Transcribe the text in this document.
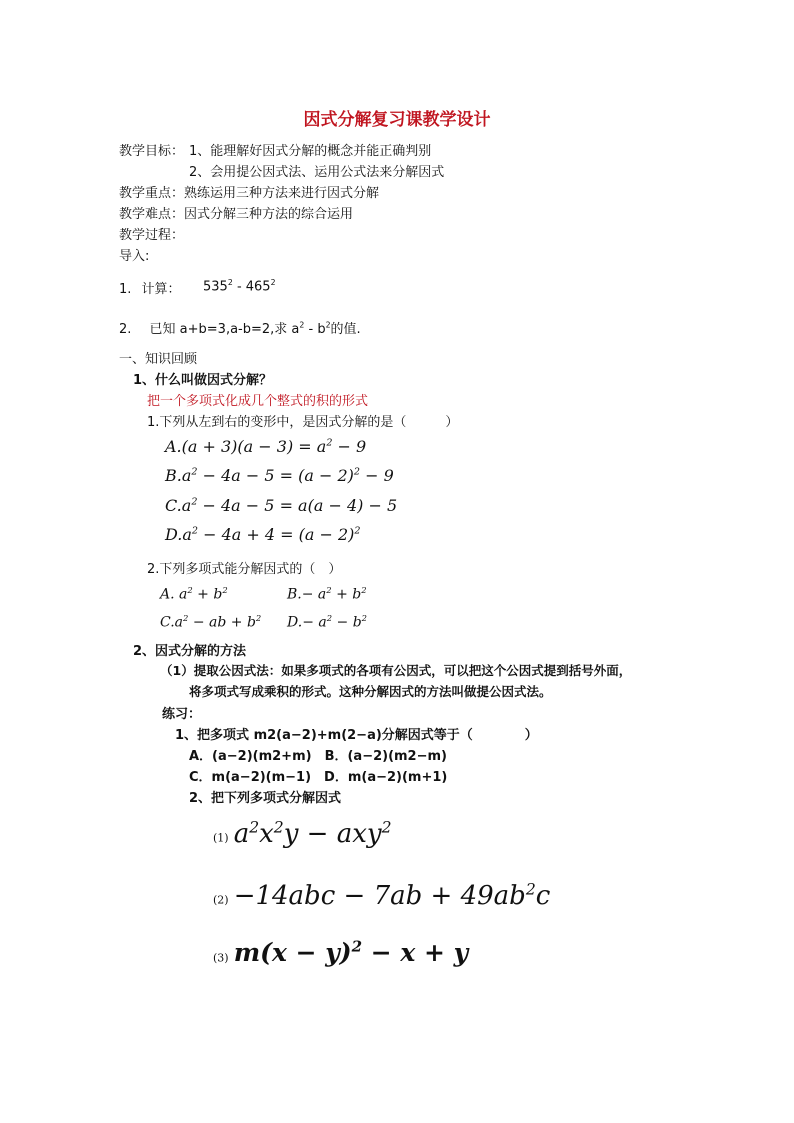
因式分解复习课教学设计
教学目标： 1、能理解好因式分解的概念并能正确判别
2、会用提公因式法、运用公式法来分解因式
教学重点：熟练运用三种方法来进行因式分解
教学难点：因式分解三种方法的综合运用
教学过程：
导入:
1. 计算： $535^2 - 465^2$
2. 已知 a+b=3,a-b=2,求 $a^2 - b^2$的值.
一、知识回顾
1、什么叫做因式分解？
把一个多项式化成几个整式的积的形式
1.下列从左到右的变形中，是因式分解的是（　　　）
$A.(a + 3)(a - 3) = a^2 - 9$
$B.a^2 - 4a - 5 = (a - 2)^2 - 9$
$C.a^2 - 4a - 5 = a(a - 4) - 5$
$D.a^2 - 4a + 4 = (a - 2)^2$
2.下列多项式能分解因式的（　）
A. $a^2 + b^2$	$B.- a^2 + b^2$
$C.a^2$ − ab + $b^2$ $D.- a^2 - b^2$
2、因式分解的方法
（1）提取公因式法：如果多项式的各项有公因式，可以把这个公因式提到括号外面，
将多项式写成乘积的形式。这种分解因式的方法叫做提公因式法。
练习：
1、把多项式 m2(a−2)+m(2−a)分解因式等于（　　　　）
A．(a−2)(m2+m)　B．(a−2)(m2−m)
C．m(a−2)(m−1)　D．m(a−2)(m+1)
2、把下列多项式分解因式
(1) $a^2x^2y - axy^2$
$(2) -14abc - 7ab + 49ab^2c$
(3) $m(x - y)^2 - x + y$
